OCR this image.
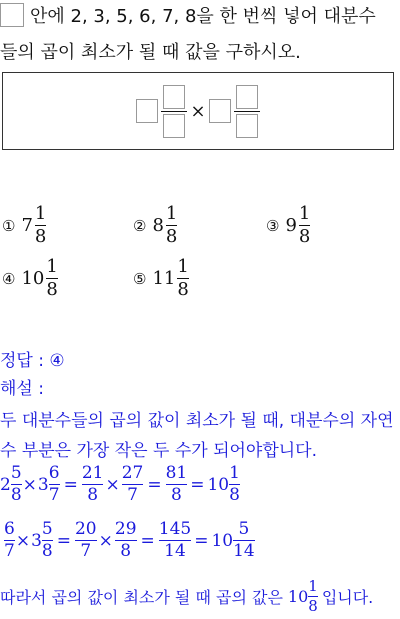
안에 2, 3, 5, 6, 7, 8을 한 번씩 넣어 대분수
들의 곱이 최소가 될 때 값을 구하시오.
×
① $7 \frac{1}{8}$	② $8 \frac{1}{8}$	③ $9 \frac{1}{8}$
④ $10 \frac{1}{8}$	⑤ $11 \frac{1}{8}$
정답 : ④
해설 :
두 대분수들의 곱의 값이 최소가 될 때, 대분수의 자연
수 부분은 가장 작은 두 수가 되어야합니다.
$2 \frac{5}{8} \times 3 \frac{6}{7} = \frac{21}{8} \times \frac{27}{7} = \frac{81}{8} = 10 \frac{1}{8}$
$\frac{6}{7} \times 3 \frac{5}{8} = \frac{20}{7} \times \frac{29}{8} = \frac{145}{14} = 10 \frac{5}{14}$
따라서 곱의 값이 최소가 될 때 곱의 값은 $10 \frac{1}{8}$ 입니다.
